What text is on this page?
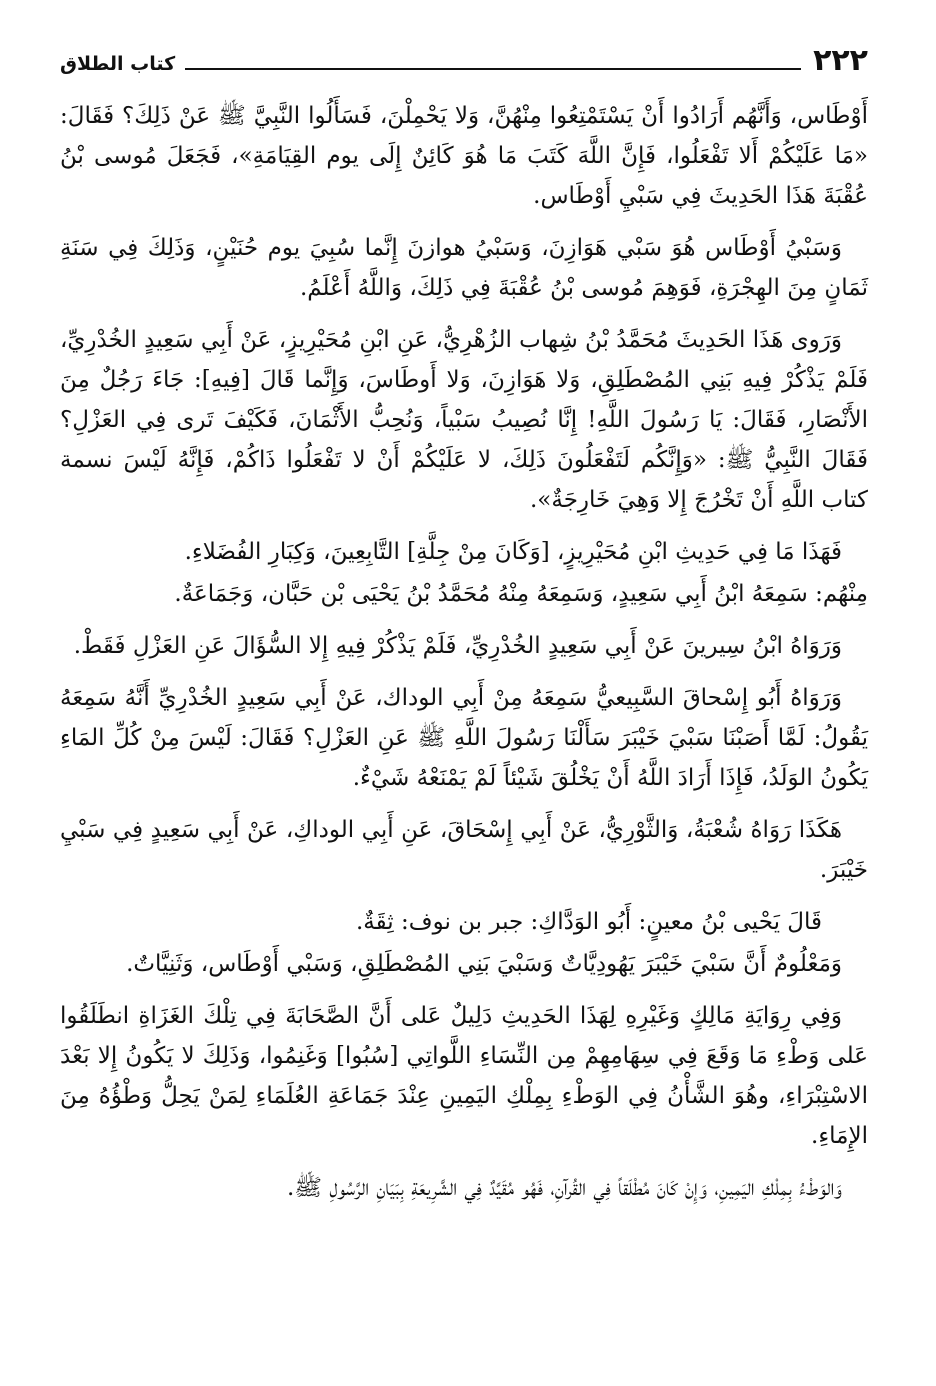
٢٢٢
كتاب الطلاق

أَوْطَاس، وَأَنَّهُم أَرَادُوا أَنْ يَسْتَمْتِعُوا مِنْهُنَّ، وَلا يَحْمِلْنَ، فَسَأَلُوا النَّبِيَّ ﷺ عَنْ ذَلِكَ؟ فَقَالَ: «مَا عَلَيْكُمْ أَلا تَفْعَلُوا، فَإِنَّ اللَّهَ كَتَبَ مَا هُوَ كَائِنٌ إِلَى يوم القِيَامَةِ»، فَجَعَلَ مُوسى بْنُ عُقْبَةَ هَذَا الحَدِيثَ فِي سَبْيِ أَوْطَاس.

وَسَبْيُ أَوْطَاس هُوَ سَبْي هَوَازِنَ، وَسَبْيُ هوازنَ إِنَّما سُبِيَ يوم حُنَيْنٍ، وَذَلِكَ فِي سَنَةِ ثَمَانٍ مِنَ الهِجْرَةِ، فَوَهِمَ مُوسى بْنُ عُقْبَةَ فِي ذَلِكَ، وَاللَّهُ أَعْلَمُ.

وَرَوى هَذَا الحَدِيثَ مُحَمَّدُ بْنُ شِهاب الزُهْرِيُّ، عَنِ ابْنِ مُحَيْرِيزٍ، عَنْ أَبِي سَعِيدٍ الخُدْرِيِّ، فَلَمْ يَذْكُرْ فِيهِ بَنِي المُصْطَلِقِ، وَلا هَوَازِنَ، وَلا أَوطَاسَ، وَإِنَّما قَالَ [فِيهِ]: جَاءَ رَجُلٌ مِنَ الأَنْصَارِ، فَقَالَ: يَا رَسُولَ اللَّهِ! إِنَّا نُصِيبُ سَبْياً، وَنُحِبُّ الأَثْمَانَ، فَكَيْفَ تَرى فِي العَزْلِ؟ فَقَالَ النَّبِيُّ ﷺ: «وَإِنَّكُم لَتَفْعَلُونَ ذَلِكَ، لا عَلَيْكُمْ أَنْ لا تَفْعَلُوا ذَاكُمْ، فَإِنَّهُ لَيْسَ نسمة كتاب اللَّهِ أَنْ تَخْرُجَ إِلا وَهِيَ خَارِجَةٌ».

فَهَذَا مَا فِي حَدِيثِ ابْنِ مُحَيْرِيزٍ، [وَكَانَ مِنْ جِلَّةِ] التَّابِعِينَ، وَكِبَارِ الفُضَلاءِ.

مِنْهُم: سَمِعَهُ ابْنُ أَبِي سَعِيدٍ، وَسَمِعَهُ مِنْهُ مُحَمَّدُ بْنُ يَحْيَى بْن حَبَّان، وَجَمَاعَةٌ.

وَرَوَاهُ ابْنُ سِيرينَ عَنْ أَبِي سَعِيدٍ الخُدْرِيِّ، فَلَمْ يَذْكُرْ فِيهِ إِلا السُّؤَالَ عَنِ العَزْلِ فَقَطْ.

وَرَوَاهُ أَبُو إِسْحاقَ السَّبِيعيُّ سَمِعَهُ مِنْ أَبِي الوداك، عَنْ أَبِي سَعِيدٍ الخُدْرِيِّ أَنَّهُ سَمِعَهُ يَقُولُ: لَمَّا أَصَبْنَا سَبْيَ خَيْبَرَ سَأَلْنَا رَسُولَ اللَّهِ ﷺ عَنِ العَزْلِ؟ فَقَالَ: لَيْسَ مِنْ كُلِّ المَاءِ يَكُونُ الوَلَدُ، فَإِذَا أَرَادَ اللَّهُ أَنْ يَخْلُقَ شَيْئاً لَمْ يَمْنَعْهُ شَيْءٌ.

هَكَذَا رَوَاهُ شُعْبَةُ، وَالثَّوْرِيُّ، عَنْ أَبِي إِسْحَاقَ، عَنِ أَبِي الوداكِ، عَنْ أَبِي سَعِيدٍ فِي سَبْيِ خَيْبَرَ.

قَالَ يَحْيى بْنُ معينٍ: أَبُو الوَدَّاكِ: جبر بن نوف: ثِقَةٌ.

وَمَعْلُومٌ أَنَّ سَبْيَ خَيْبَرَ يَهُودِيَّاتٌ وَسَبْيَ بَنِي المُصْطَلِقِ، وَسَبْي أَوْطَاس، وَثَنِيَّاتٌ.

وَفِي رِوَايَةِ مَالِكٍ وَغَيْرِهِ لِهَذَا الحَدِيثِ دَلِيلٌ عَلى أَنَّ الصَّحَابَةَ فِي تِلْكَ الغَزَاةِ انطَلَقُوا عَلى وَطْءِ مَا وَقَعَ فِي سِهَامِهِمْ مِن النِّسَاءِ اللَّواتِي [سُبُوا] وَغَنِمُوا، وَذَلِكَ لا يَكُونُ إِلا بَعْدَ الاسْتِبْرَاءِ، وهُوَ الشَّأْنُ فِي الوَطْءِ بِمِلْكِ اليَمِينِ عِنْدَ جَمَاعَةِ العُلَمَاءِ لِمَنْ يَحِلُّ وَطْؤُهُ مِنَ الإِمَاءِ.

وَالوَطْءُ بِمِلْكِ اليَمِينِ، وَإِنْ كَانَ مُطْلَقاً فِي القُرآنِ، فَهُو مُقَيَّدٌ فِي الشَّرِيعَةِ بِبَيَانِ الرَّسُولِ ﷺ.
